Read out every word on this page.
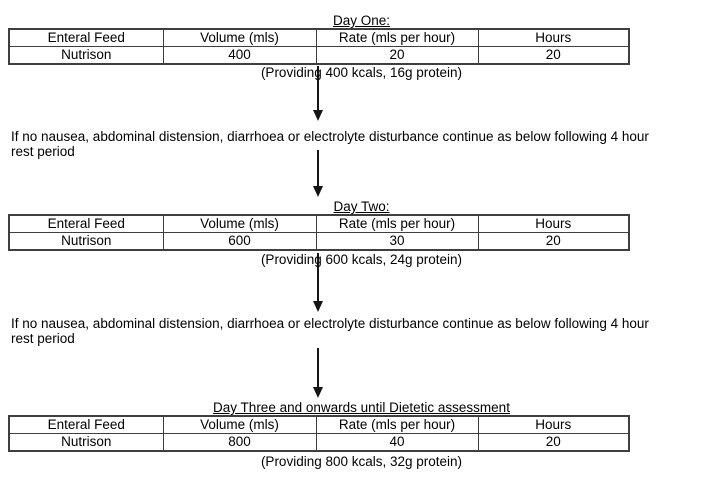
Day One:
Enteral Feed	Volume (mls)	Rate (mls per hour)	Hours
Nutrison	400	20	20
(Providing 400 kcals, 16g protein)
If no nausea, abdominal distension, diarrhoea or electrolyte disturbance continue as below following 4 hour
rest period
Day Two:
Enteral Feed	Volume (mls)	Rate (mls per hour)	Hours
Nutrison	600	30	20
(Providing 600 kcals, 24g protein)
If no nausea, abdominal distension, diarrhoea or electrolyte disturbance continue as below following 4 hour
rest period
Day Three and onwards until Dietetic assessment
Enteral Feed	Volume (mls)	Rate (mls per hour)	Hours
Nutrison	800	40	20
(Providing 800 kcals, 32g protein)
